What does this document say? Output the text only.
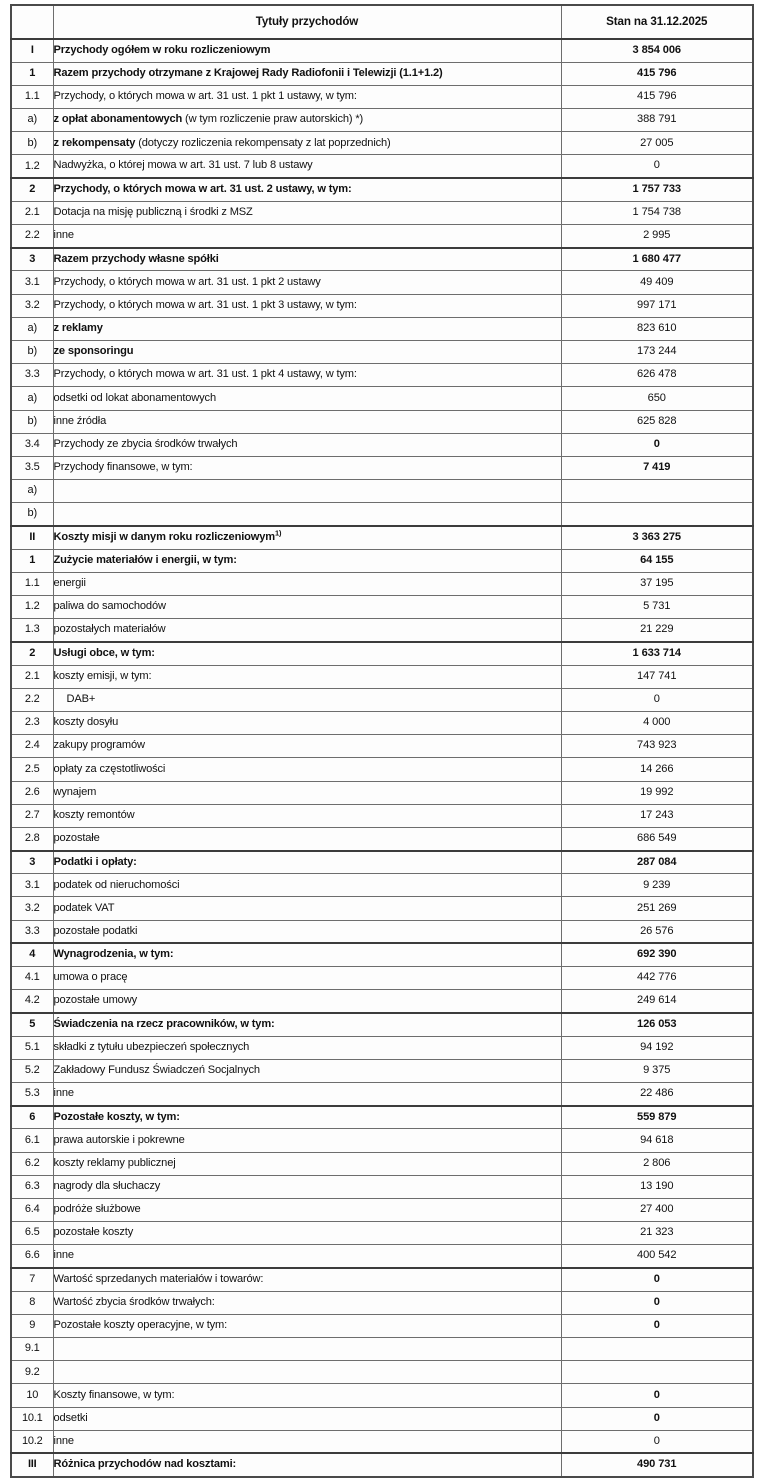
	Tytuły przychodów	Stan na 31.12.2025
I	Przychody ogółem w roku rozliczeniowym	3 854 006
1	Razem przychody otrzymane z Krajowej Rady Radiofonii i Telewizji (1.1+1.2)	415 796
1.1	Przychody, o których mowa w art. 31 ust. 1 pkt 1 ustawy, w tym:	415 796
a)	z opłat abonamentowych (w tym rozliczenie praw autorskich) *)	388 791
b)	z rekompensaty (dotyczy rozliczenia rekompensaty z lat poprzednich)	27 005
1.2	Nadwyżka, o której mowa w art. 31 ust. 7 lub 8 ustawy	0
2	Przychody, o których mowa w art. 31 ust. 2 ustawy, w tym:	1 757 733
2.1	Dotacja na misję publiczną i środki z MSZ	1 754 738
2.2	inne	2 995
3	Razem przychody własne spółki	1 680 477
3.1	Przychody, o których mowa w art. 31 ust. 1 pkt 2 ustawy	49 409
3.2	Przychody, o których mowa w art. 31 ust. 1 pkt 3 ustawy, w tym:	997 171
a)	z reklamy	823 610
b)	ze sponsoringu	173 244
3.3	Przychody, o których mowa w art. 31 ust. 1 pkt 4 ustawy, w tym:	626 478
a)	odsetki od lokat abonamentowych	650
b)	inne źródła	625 828
3.4	Przychody ze zbycia środków trwałych	0
3.5	Przychody finansowe, w tym:	7 419
a)		
b)		
II	Koszty misji w danym roku rozliczeniowym$^{1)}$	3 363 275
1	Zużycie materiałów i energii, w tym:	64 155
1.1	energii	37 195
1.2	paliwa do samochodów	5 731
1.3	pozostałych materiałów	21 229
2	Usługi obce, w tym:	1 633 714
2.1	koszty emisji, w tym:	147 741
2.2	DAB+	0
2.3	koszty dosyłu	4 000
2.4	zakupy programów	743 923
2.5	opłaty za częstotliwości	14 266
2.6	wynajem	19 992
2.7	koszty remontów	17 243
2.8	pozostałe	686 549
3	Podatki i opłaty:	287 084
3.1	podatek od nieruchomości	9 239
3.2	podatek VAT	251 269
3.3	pozostałe podatki	26 576
4	Wynagrodzenia, w tym:	692 390
4.1	umowa o pracę	442 776
4.2	pozostałe umowy	249 614
5	Świadczenia na rzecz pracowników, w tym:	126 053
5.1	składki z tytułu ubezpieczeń społecznych	94 192
5.2	Zakładowy Fundusz Świadczeń Socjalnych	9 375
5.3	inne	22 486
6	Pozostałe koszty, w tym:	559 879
6.1	prawa autorskie i pokrewne	94 618
6.2	koszty reklamy publicznej	2 806
6.3	nagrody dla słuchaczy	13 190
6.4	podróże służbowe	27 400
6.5	pozostałe koszty	21 323
6.6	inne	400 542
7	Wartość sprzedanych materiałów i towarów:	0
8	Wartość zbycia środków trwałych:	0
9	Pozostałe koszty operacyjne, w tym:	0
9.1		
9.2		
10	Koszty finansowe, w tym:	0
10.1	odsetki	0
10.2	inne	0
III	Różnica przychodów nad kosztami:	490 731
